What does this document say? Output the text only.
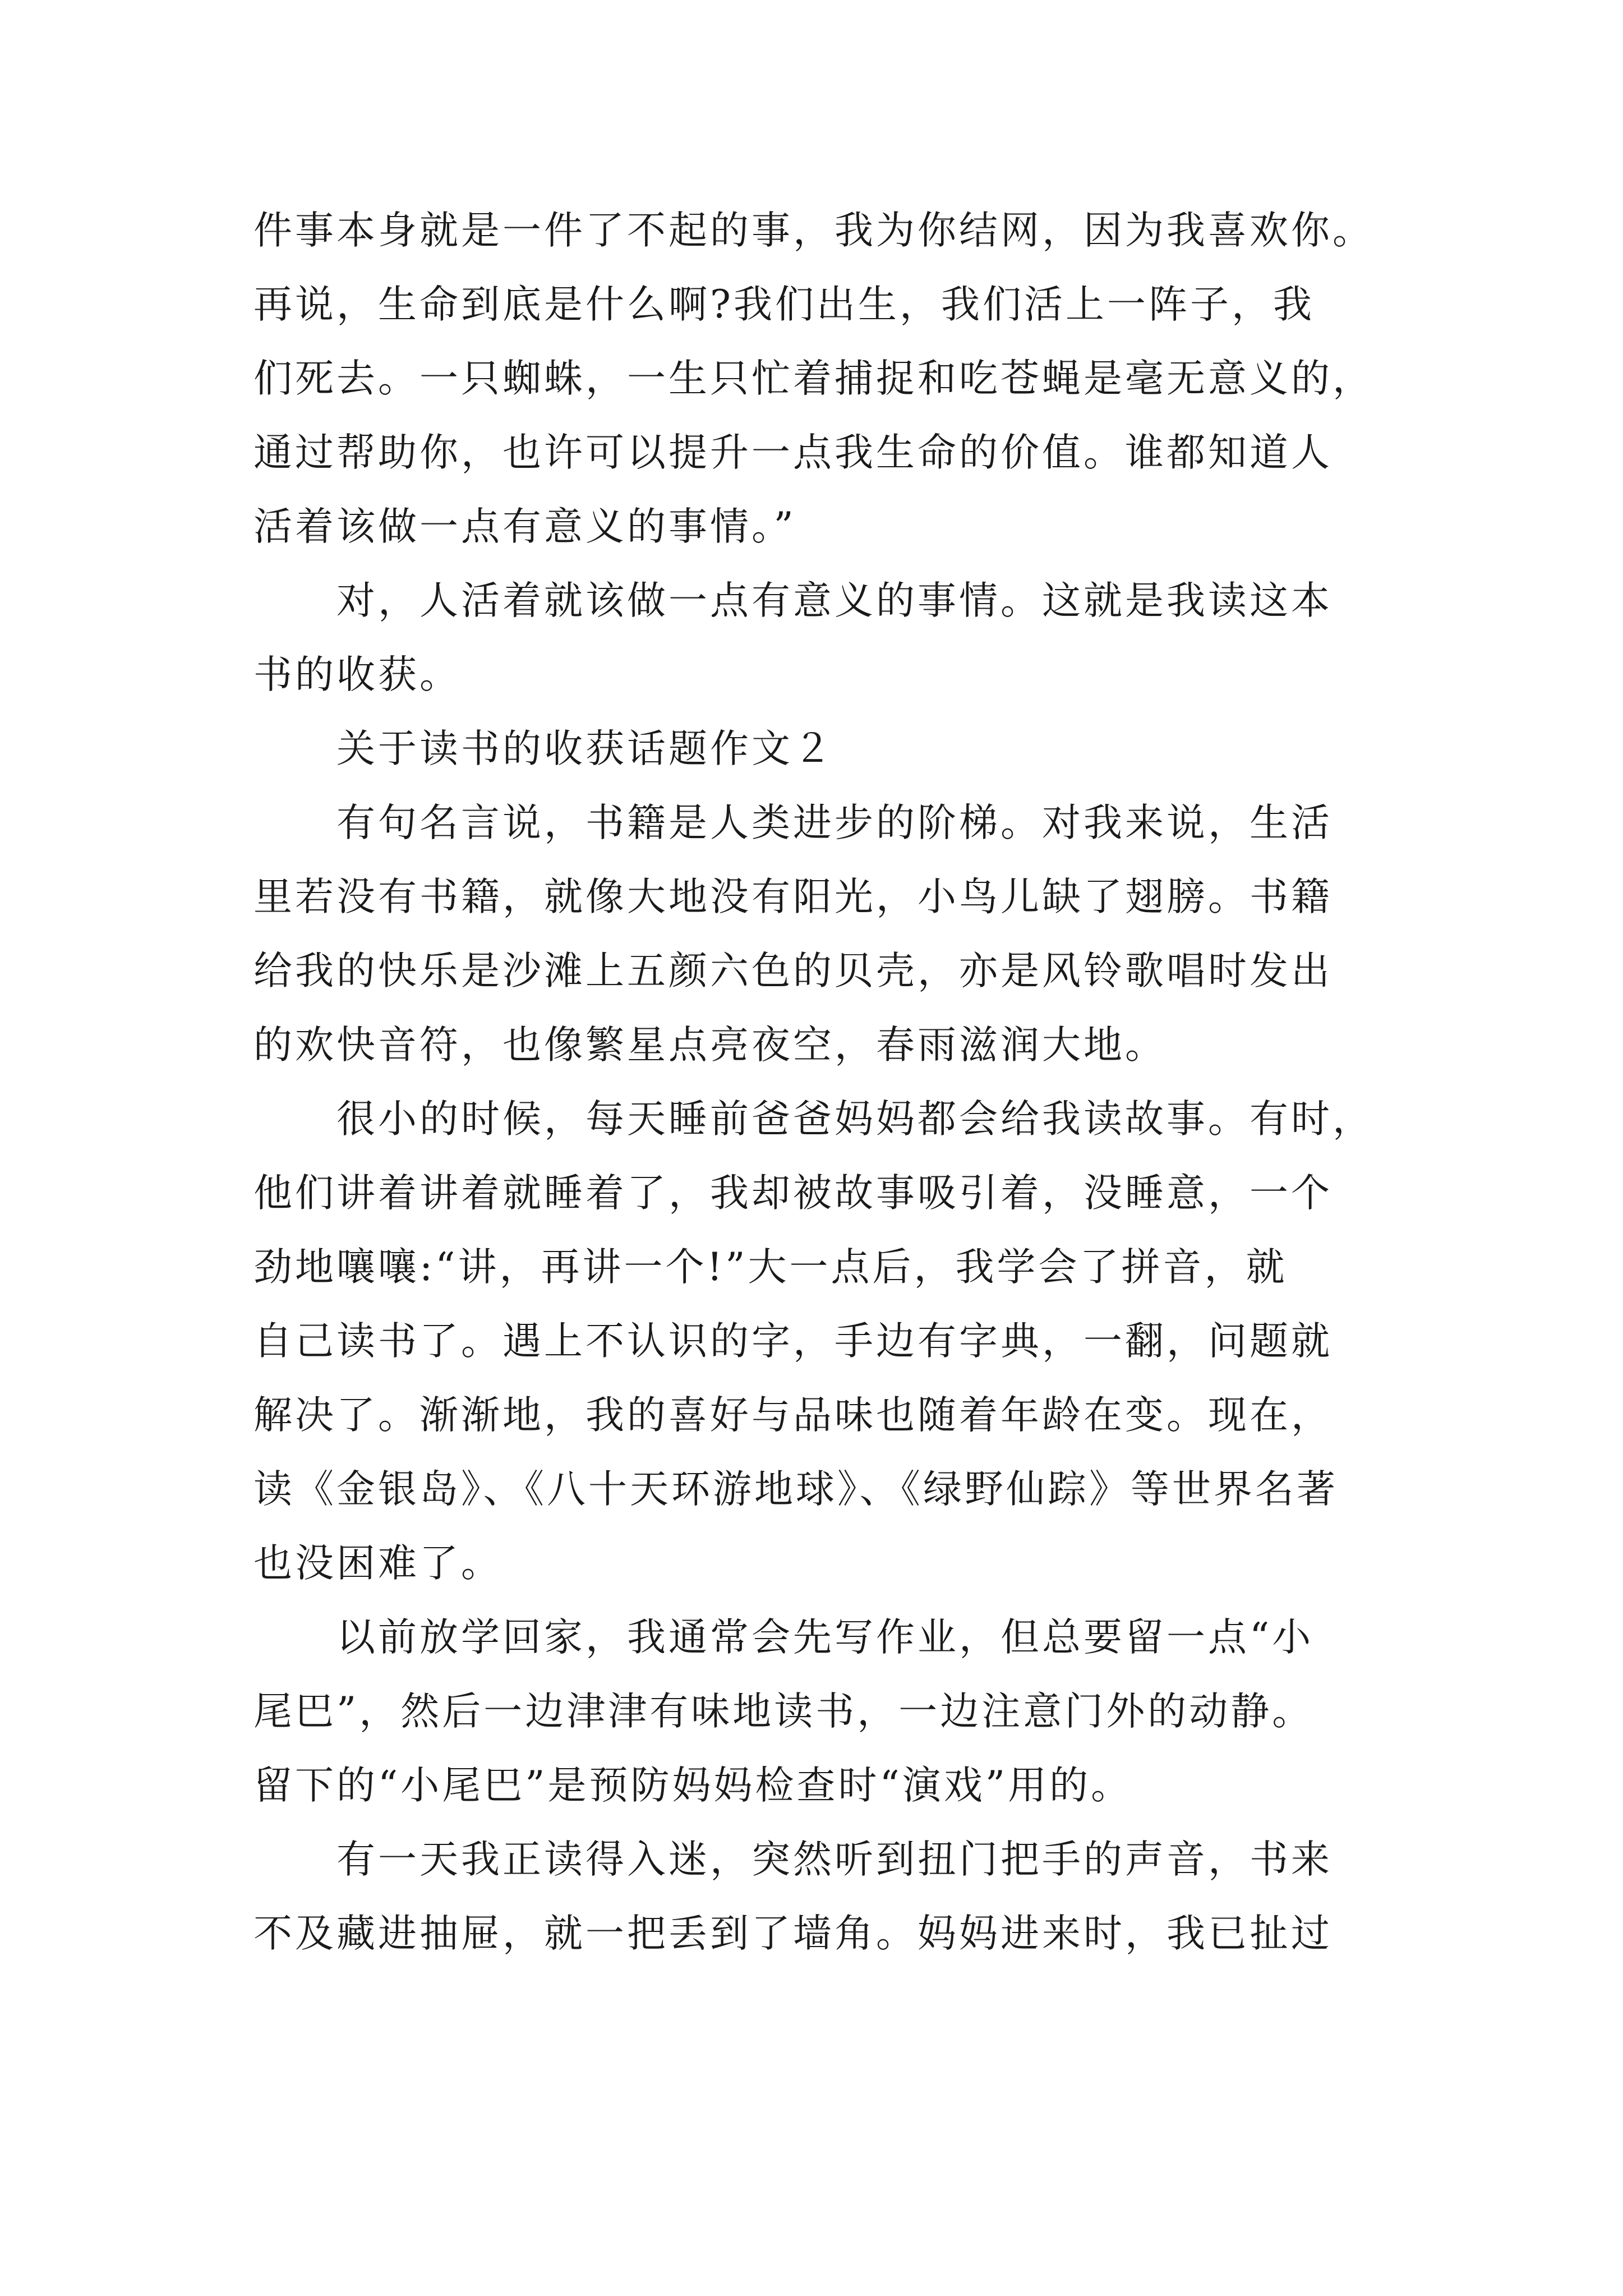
件事本身就是一件了不起的事，我为你结网，因为我喜欢你。
再说，生命到底是什么啊?我们出生，我们活上一阵子，我
们死去。一只蜘蛛，一生只忙着捕捉和吃苍蝇是毫无意义的，
通过帮助你，也许可以提升一点我生命的价值。谁都知道人
活着该做一点有意义的事情。”
对，人活着就该做一点有意义的事情。这就是我读这本
书的收获。
关于读书的收获话题作文２
有句名言说，书籍是人类进步的阶梯。对我来说，生活
里若没有书籍，就像大地没有阳光，小鸟儿缺了翅膀。书籍
给我的快乐是沙滩上五颜六色的贝壳，亦是风铃歌唱时发出
的欢快音符，也像繁星点亮夜空，春雨滋润大地。
很小的时候，每天睡前爸爸妈妈都会给我读故事。有时，
他们讲着讲着就睡着了，我却被故事吸引着，没睡意，一个
劲地嚷嚷:“讲，再讲一个!”大一点后，我学会了拼音，就
自己读书了。遇上不认识的字，手边有字典，一翻，问题就
解决了。渐渐地，我的喜好与品味也随着年龄在变。现在，
读《金银岛》、《八十天环游地球》、《绿野仙踪》等世界名著
也没困难了。
以前放学回家，我通常会先写作业，但总要留一点“小
尾巴”，然后一边津津有味地读书，一边注意门外的动静。
留下的“小尾巴”是预防妈妈检查时“演戏”用的。
有一天我正读得入迷，突然听到扭门把手的声音，书来
不及藏进抽屉，就一把丢到了墙角。妈妈进来时，我已扯过
